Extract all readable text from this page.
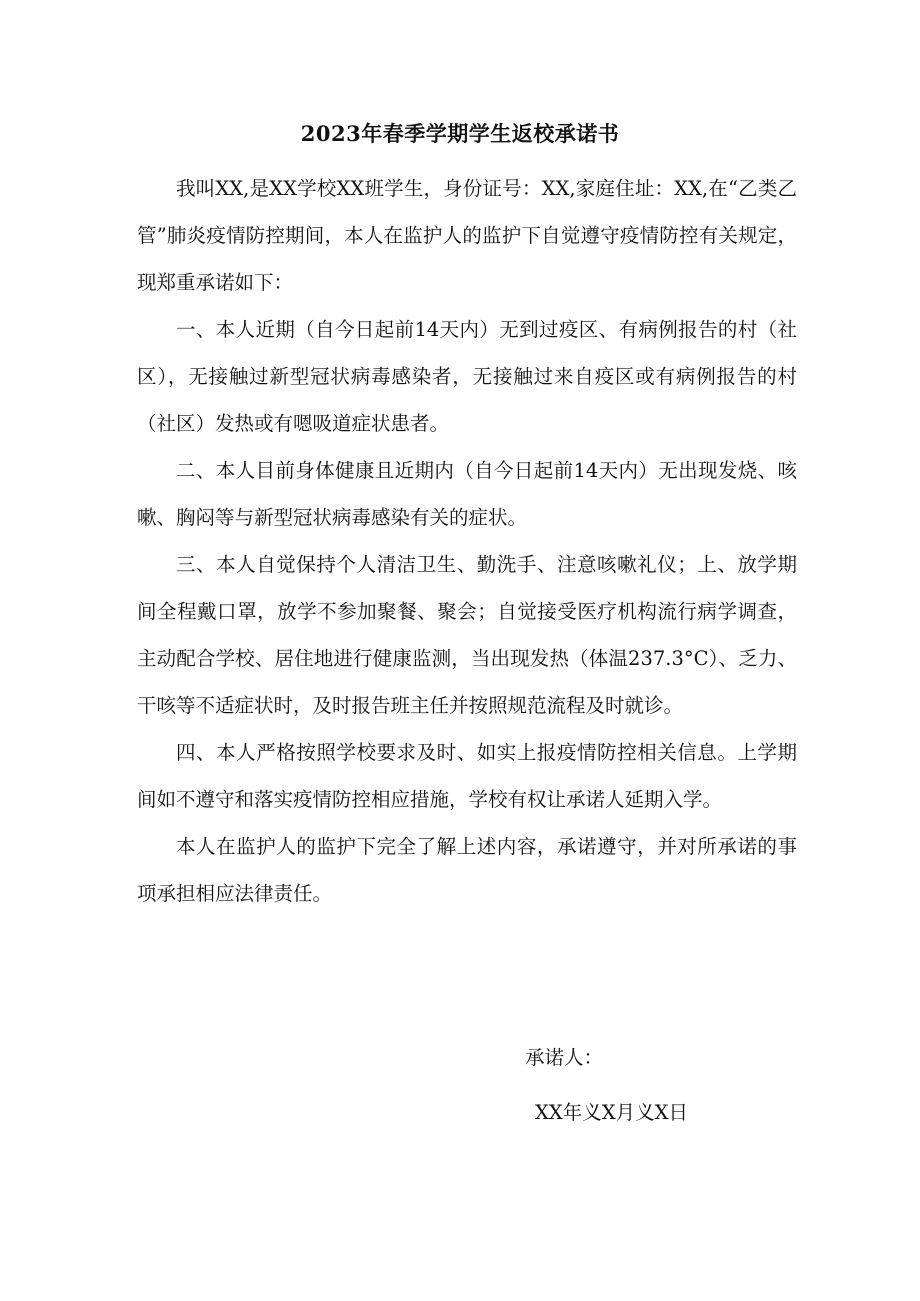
2023年春季学期学生返校承诺书

我叫XX,是XX学校XX班学生，身份证号：XX,家庭住址：XX,在“乙类乙管”肺炎疫情防控期间，本人在监护人的监护下自觉遵守疫情防控有关规定，现郑重承诺如下：

一、本人近期（自今日起前14天内）无到过疫区、有病例报告的村（社区），无接触过新型冠状病毒感染者，无接触过来自疫区或有病例报告的村（社区）发热或有嗯吸道症状患者。

二、本人目前身体健康且近期内（自今日起前14天内）无出现发烧、咳嗽、胸闷等与新型冠状病毒感染有关的症状。

三、本人自觉保持个人清洁卫生、勤洗手、注意咳嗽礼仪；上、放学期间全程戴口罩，放学不参加聚餐、聚会；自觉接受医疗机构流行病学调查，主动配合学校、居住地进行健康监测，当出现发热（体温237.3°C）、乏力、干咳等不适症状时，及时报告班主任并按照规范流程及时就诊。

四、本人严格按照学校要求及时、如实上报疫情防控相关信息。上学期间如不遵守和落实疫情防控相应措施，学校有权让承诺人延期入学。

本人在监护人的监护下完全了解上述内容，承诺遵守，并对所承诺的事项承担相应法律责任。

承诺人：
XX年义X月义X日
